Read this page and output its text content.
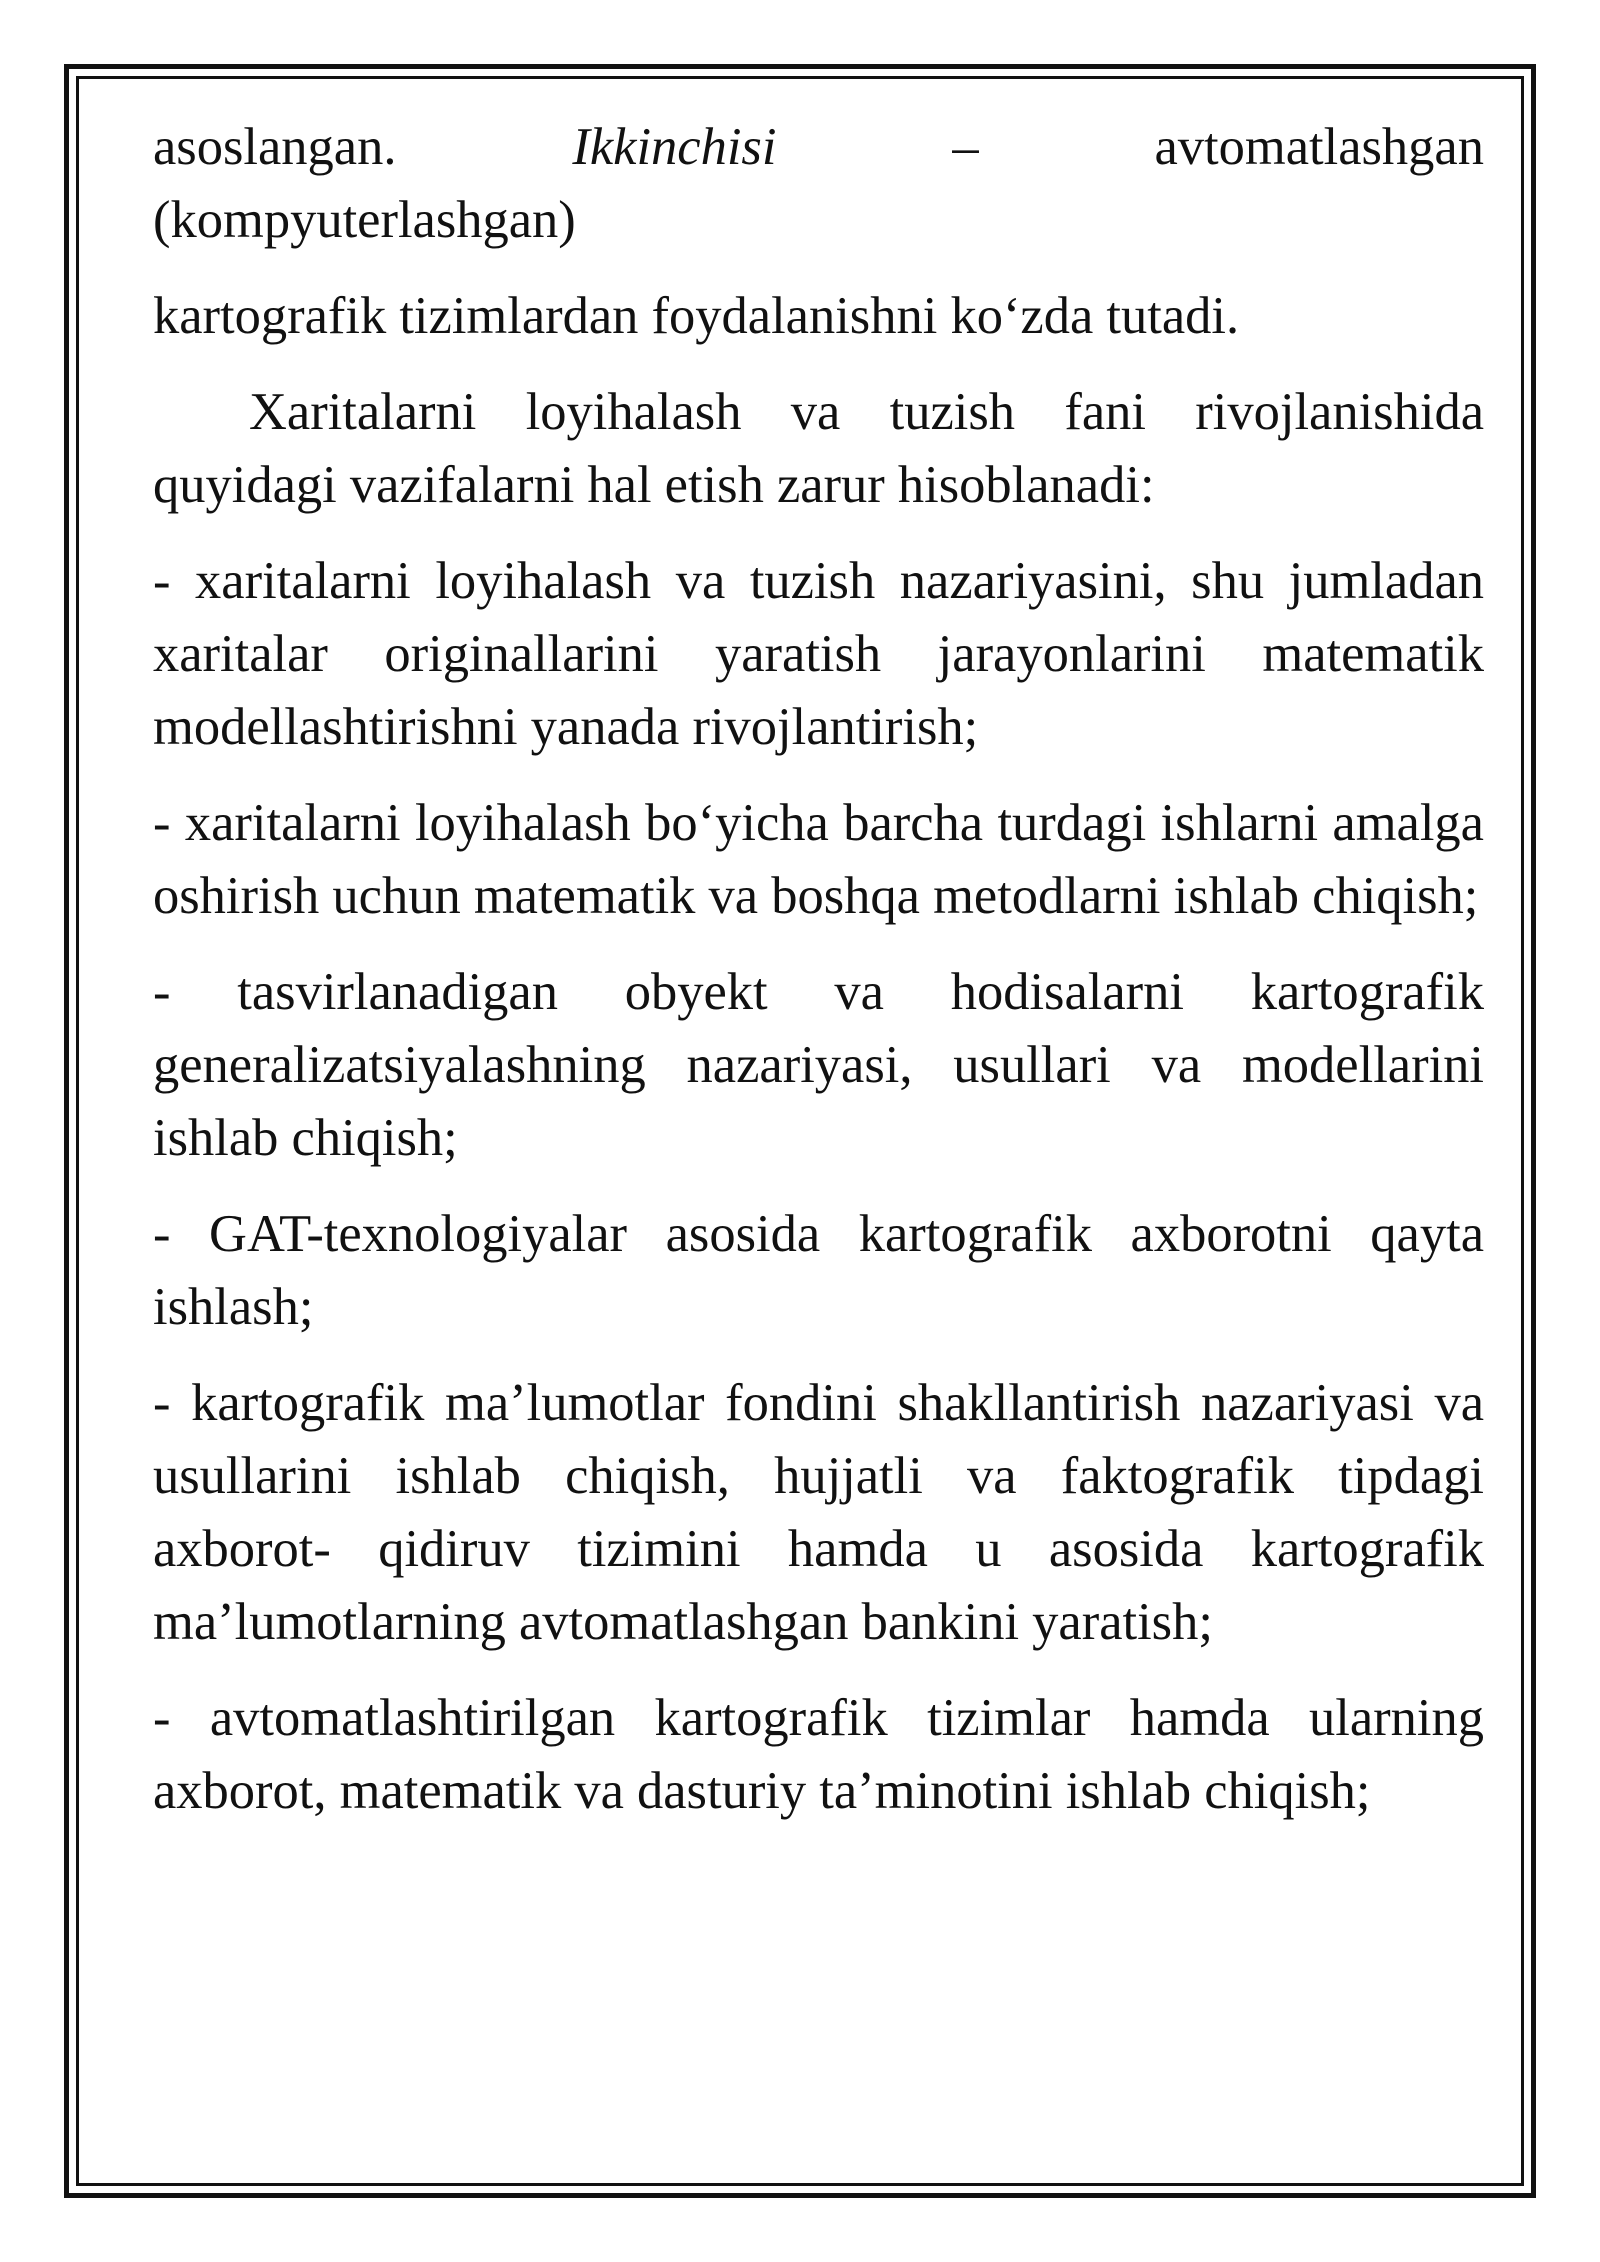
asoslangan.	Ikkinchisi	–	avtomatlashgan
(kompyuterlashgan)

kartografik tizimlardan foydalanishni koʻzda tutadi.

Xaritalarni loyihalash va tuzish fani rivojlanishida quyidagi vazifalarni hal etish zarur hisoblanadi:

- xaritalarni loyihalash va tuzish nazariyasini, shu jumladan xaritalar originallarini yaratish jarayonlarini matematik modellashtirishni yanada rivojlantirish;

- xaritalarni loyihalash boʻyicha barcha turdagi ishlarni amalga oshirish uchun matematik va boshqa metodlarni ishlab chiqish;

- tasvirlanadigan obyekt va hodisalarni kartografik generalizatsiyalashning nazariyasi, usullari va modellarini ishlab chiqish;

- GAT-texnologiyalar asosida kartografik axborotni qayta ishlash;

- kartografik maʼlumotlar fondini shakllantirish nazariyasi va usullarini ishlab chiqish, hujjatli va faktografik tipdagi axborot- qidiruv tizimini hamda u asosida kartografik maʼlumotlarning avtomatlashgan bankini yaratish;

- avtomatlashtirilgan kartografik tizimlar hamda ularning axborot, matematik va dasturiy taʼminotini ishlab chiqish;
